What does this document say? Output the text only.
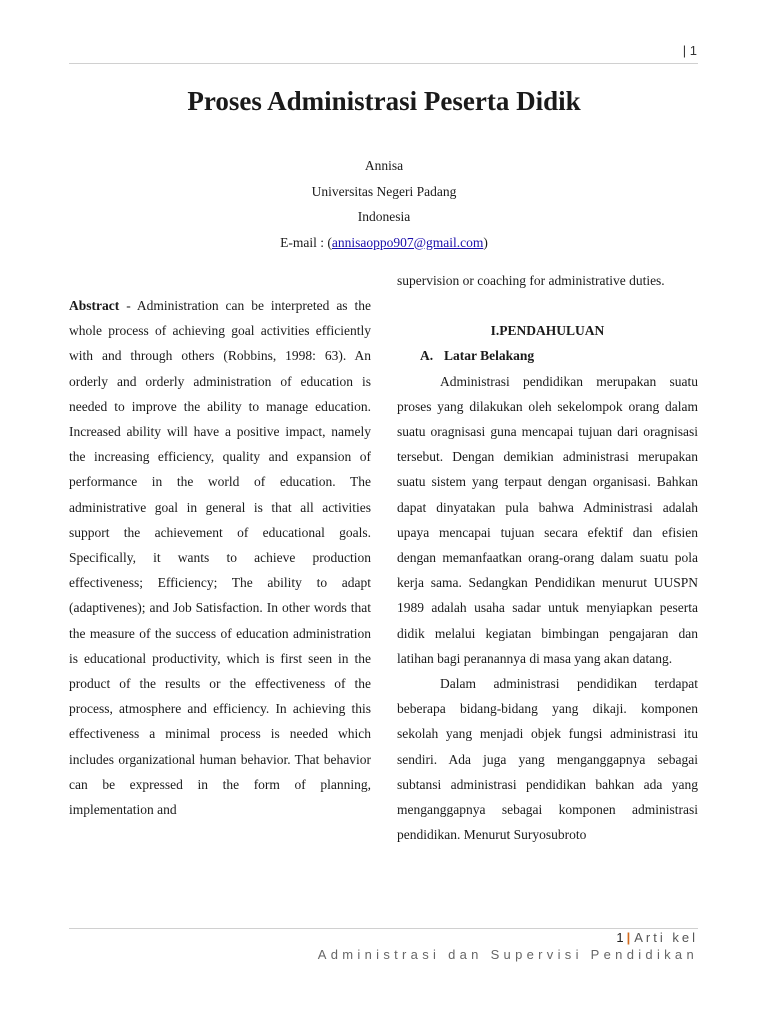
| 1
Proses Administrasi Peserta Didik
Annisa
Universitas Negeri Padang
Indonesia
E-mail : (annisaoppo907@gmail.com)

Abstract - Administration can be interpreted as the whole process of achieving goal activities efficiently with and through others (Robbins, 1998: 63). An orderly and orderly administration of education is needed to improve the ability to manage education. Increased ability will have a positive impact, namely the increasing efficiency, quality and expansion of performance in the world of education. The administrative goal in general is that all activities support the achievement of educational goals. Specifically, it wants to achieve production effectiveness; Efficiency; The ability to adapt (adaptivenes); and Job Satisfaction. In other words that the measure of the success of education administration is educational productivity, which is first seen in the product of the results or the effectiveness of the process, atmosphere and efficiency. In achieving this effectiveness a minimal process is needed which includes organizational human behavior. That behavior can be expressed in the form of planning, implementation and

supervision or coaching for administrative duties.

I.PENDAHULUAN

A. Latar Belakang

Administrasi pendidikan merupakan suatu proses yang dilakukan oleh sekelompok orang dalam suatu oragnisasi guna mencapai tujuan dari oragnisasi tersebut. Dengan demikian administrasi merupakan suatu sistem yang terpaut dengan organisasi. Bahkan dapat dinyatakan pula bahwa Administrasi adalah upaya mencapai tujuan secara efektif dan efisien dengan memanfaatkan orang-orang dalam suatu pola kerja sama. Sedangkan Pendidikan menurut UUSPN 1989 adalah usaha sadar untuk menyiapkan peserta didik melalui kegiatan bimbingan pengajaran dan latihan bagi peranannya di masa yang akan datang.

Dalam administrasi pendidikan terdapat beberapa bidang-bidang yang dikaji. komponen sekolah yang menjadi objek fungsi administrasi itu sendiri. Ada juga yang menganggapnya sebagai subtansi administrasi pendidikan bahkan ada yang menganggapnya sebagai komponen administrasi pendidikan. Menurut Suryosubroto

1 | Arti kel
Administrasi dan Supervisi Pendidikan
